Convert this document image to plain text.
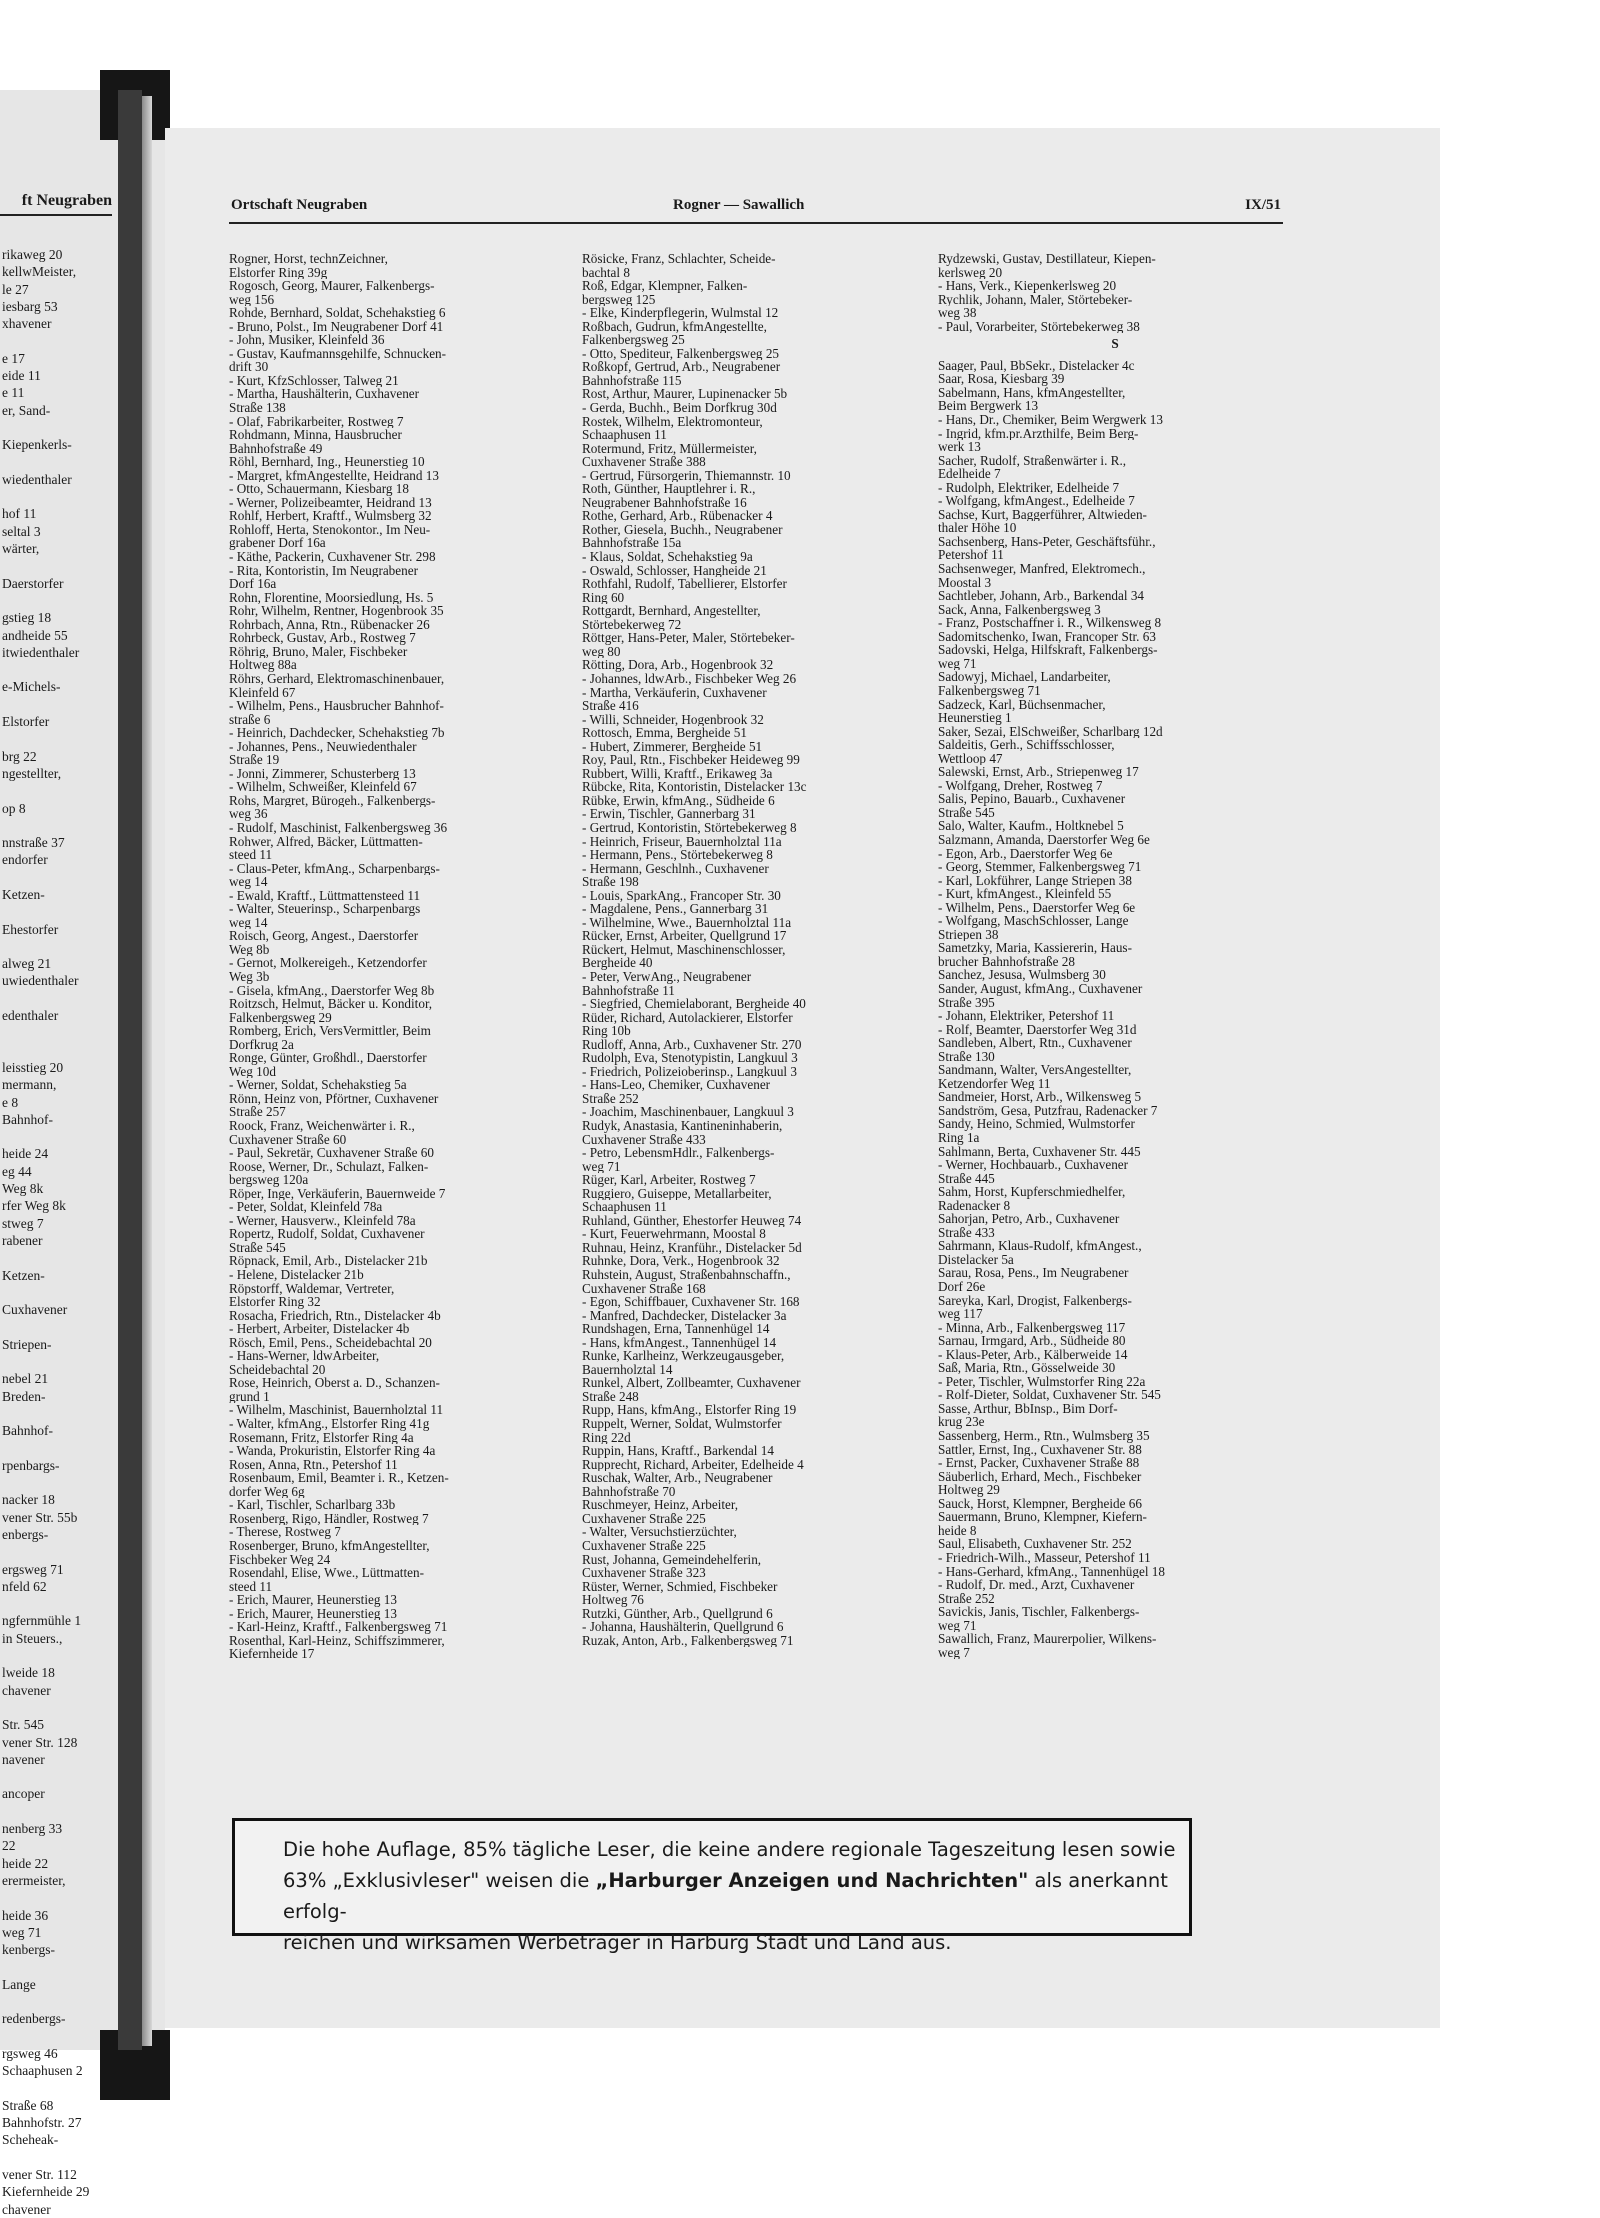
ft Neugraben
rikaweg 20
kellwMeister,
le 27
iesbarg 53
xhavener

e 17
eide 11
e 11
er, Sand-

Kiepenkerls-

wiedenthaler

hof 11
seltal 3
wärter,

Daerstorfer

gstieg 18
andheide 55
itwiedenthaler

e-Michels-

Elstorfer

brg 22
ngestellter,

op 8

nnstraße 37
endorfer

Ketzen-

Ehestorfer

alweg 21
uwiedenthaler

edenthaler

leisstieg 20
mermann,
e 8
Bahnhof-

heide 24
eg 44
Weg 8k
rfer Weg 8k
stweg 7
rabener

Ketzen-

Cuxhavener

Striepen-

nebel 21
Breden-

Bahnhof-

rpenbargs-

nacker 18
vener Str. 55b
enbergs-

ergsweg 71
nfeld 62

ngfernmühle 1
in Steuers.,

lweide 18
chavener

Str. 545
vener Str. 128
navener

ancoper

nenberg 33
22
heide 22
erermeister,

heide 36
weg 71
kenbergs-

Lange

redenbergs-

rgsweg 46
Schaaphusen 2

Straße 68
Bahnhofstr. 27
Scheheak-

vener Str. 112
Kiefernheide 29
chavener
Ortschaft Neugraben	Rogner — Sawallich	IX/51
Rogner, Horst, technZeichner,
Elstorfer Ring 39g
Rogosch, Georg, Maurer, Falkenbergs-
weg 156
Rohde, Bernhard, Soldat, Schehakstieg 6
- Bruno, Polst., Im Neugrabener Dorf 41
- John, Musiker, Kleinfeld 36
- Gustav, Kaufmannsgehilfe, Schnucken-
drift 30
- Kurt, KfzSchlosser, Talweg 21
- Martha, Haushälterin, Cuxhavener
Straße 138
- Olaf, Fabrikarbeiter, Rostweg 7
Rohdmann, Minna, Hausbrucher
Bahnhofstraße 49
Röhl, Bernhard, Ing., Heunerstieg 10
- Margret, kfmAngestellte, Heidrand 13
- Otto, Schauermann, Kiesbarg 18
- Werner, Polizeibeamter, Heidrand 13
Rohlf, Herbert, Kraftf., Wulmsberg 32
Rohloff, Herta, Stenokontor., Im Neu-
grabener Dorf 16a
- Käthe, Packerin, Cuxhavener Str. 298
- Rita, Kontoristin, Im Neugrabener
Dorf 16a
Rohn, Florentine, Moorsiedlung, Hs. 5
Rohr, Wilhelm, Rentner, Hogenbrook 35
Rohrbach, Anna, Rtn., Rübenacker 26
Rohrbeck, Gustav, Arb., Rostweg 7
Röhrig, Bruno, Maler, Fischbeker
Holtweg 88a
Röhrs, Gerhard, Elektromaschinenbauer,
Kleinfeld 67
- Wilhelm, Pens., Hausbrucher Bahnhof-
straße 6
- Heinrich, Dachdecker, Schehakstieg 7b
- Johannes, Pens., Neuwiedenthaler
Straße 19
- Jonni, Zimmerer, Schusterberg 13
- Wilhelm, Schweißer, Kleinfeld 67
Rohs, Margret, Bürogeh., Falkenbergs-
weg 36
- Rudolf, Maschinist, Falkenbergsweg 36
Rohwer, Alfred, Bäcker, Lüttmatten-
steed 11
- Claus-Peter, kfmAng., Scharpenbargs-
weg 14
- Ewald, Kraftf., Lüttmattensteed 11
- Walter, Steuerinsp., Scharpenbargs
weg 14
Roisch, Georg, Angest., Daerstorfer
Weg 8b
- Gernot, Molkereigeh., Ketzendorfer
Weg 3b
- Gisela, kfmAng., Daerstorfer Weg 8b
Roitzsch, Helmut, Bäcker u. Konditor,
Falkenbergsweg 29
Romberg, Erich, VersVermittler, Beim
Dorfkrug 2a
Ronge, Günter, Großhdl., Daerstorfer
Weg 10d
- Werner, Soldat, Schehakstieg 5a
Rönn, Heinz von, Pförtner, Cuxhavener
Straße 257
Roock, Franz, Weichenwärter i. R.,
Cuxhavener Straße 60
- Paul, Sekretär, Cuxhavener Straße 60
Roose, Werner, Dr., Schulazt, Falken-
bergsweg 120a
Röper, Inge, Verkäuferin, Bauernweide 7
- Peter, Soldat, Kleinfeld 78a
- Werner, Hausverw., Kleinfeld 78a
Ropertz, Rudolf, Soldat, Cuxhavener
Straße 545
Röpnack, Emil, Arb., Distelacker 21b
- Helene, Distelacker 21b
Röpstorff, Waldemar, Vertreter,
Elstorfer Ring 32
Rosacha, Friedrich, Rtn., Distelacker 4b
- Herbert, Arbeiter, Distelacker 4b
Rösch, Emil, Pens., Scheidebachtal 20
- Hans-Werner, ldwArbeiter,
Scheidebachtal 20
Rose, Heinrich, Oberst a. D., Schanzen-
grund 1
- Wilhelm, Maschinist, Bauernholztal 11
- Walter, kfmAng., Elstorfer Ring 41g
Rosemann, Fritz, Elstorfer Ring 4a
- Wanda, Prokuristin, Elstorfer Ring 4a
Rosen, Anna, Rtn., Petershof 11
Rosenbaum, Emil, Beamter i. R., Ketzen-
dorfer Weg 6g
- Karl, Tischler, Scharlbarg 33b
Rosenberg, Rigo, Händler, Rostweg 7
- Therese, Rostweg 7
Rosenberger, Bruno, kfmAngestellter,
Fischbeker Weg 24
Rosendahl, Elise, Wwe., Lüttmatten-
steed 11
- Erich, Maurer, Heunerstieg 13
- Erich, Maurer, Heunerstieg 13
- Karl-Heinz, Kraftf., Falkenbergsweg 71
Rosenthal, Karl-Heinz, Schiffszimmerer,
Kiefernheide 17
Rösicke, Franz, Schlachter, Scheide-
bachtal 8
Roß, Edgar, Klempner, Falken-
bergsweg 125
- Elke, Kinderpflegerin, Wulmstal 12
Roßbach, Gudrun, kfmAngestellte,
Falkenbergsweg 25
- Otto, Spediteur, Falkenbergsweg 25
Roßkopf, Gertrud, Arb., Neugrabener
Bahnhofstraße 115
Rost, Arthur, Maurer, Lupinenacker 5b
- Gerda, Buchh., Beim Dorfkrug 30d
Rostek, Wilhelm, Elektromonteur,
Schaaphusen 11
Rotermund, Fritz, Müllermeister,
Cuxhavener Straße 388
- Gertrud, Fürsorgerin, Thiemannstr. 10
Roth, Günther, Hauptlehrer i. R.,
Neugrabener Bahnhofstraße 16
Rothe, Gerhard, Arb., Rübenacker 4
Rother, Giesela, Buchh., Neugrabener
Bahnhofstraße 15a
- Klaus, Soldat, Schehakstieg 9a
- Oswald, Schlosser, Hangheide 21
Rothfahl, Rudolf, Tabellierer, Elstorfer
Ring 60
Rottgardt, Bernhard, Angestellter,
Störtebekerweg 72
Röttger, Hans-Peter, Maler, Störtebeker-
weg 80
Rötting, Dora, Arb., Hogenbrook 32
- Johannes, ldwArb., Fischbeker Weg 26
- Martha, Verkäuferin, Cuxhavener
Straße 416
- Willi, Schneider, Hogenbrook 32
Rottosch, Emma, Bergheide 51
- Hubert, Zimmerer, Bergheide 51
Roy, Paul, Rtn., Fischbeker Heideweg 99
Rubbert, Willi, Kraftf., Erikaweg 3a
Rübcke, Rita, Kontoristin, Distelacker 13c
Rübke, Erwin, kfmAng., Südheide 6
- Erwin, Tischler, Gannerbarg 31
- Gertrud, Kontoristin, Störtebekerweg 8
- Heinrich, Friseur, Bauernholztal 11a
- Hermann, Pens., Störtebekerweg 8
- Hermann, Geschlnh., Cuxhavener
Straße 198
- Louis, SparkAng., Francoper Str. 30
- Magdalene, Pens., Gannerbarg 31
- Wilhelmine, Wwe., Bauernholztal 11a
Rücker, Ernst, Arbeiter, Quellgrund 17
Rückert, Helmut, Maschinenschlosser,
Bergheide 40
- Peter, VerwAng., Neugrabener
Bahnhofstraße 11
- Siegfried, Chemielaborant, Bergheide 40
Rüder, Richard, Autolackierer, Elstorfer
Ring 10b
Rudloff, Anna, Arb., Cuxhavener Str. 270
Rudolph, Eva, Stenotypistin, Langkuul 3
- Friedrich, Polizeioberinsp., Langkuul 3
- Hans-Leo, Chemiker, Cuxhavener
Straße 252
- Joachim, Maschinenbauer, Langkuul 3
Rudyk, Anastasia, Kantineninhaberin,
Cuxhavener Straße 433
- Petro, LebensmHdlr., Falkenbergs-
weg 71
Rüger, Karl, Arbeiter, Rostweg 7
Ruggiero, Guiseppe, Metallarbeiter,
Schaaphusen 11
Ruhland, Günther, Ehestorfer Heuweg 74
- Kurt, Feuerwehrmann, Moostal 8
Ruhnau, Heinz, Kranführ., Distelacker 5d
Ruhnke, Dora, Verk., Hogenbrook 32
Ruhstein, August, Straßenbahnschaffn.,
Cuxhavener Straße 168
- Egon, Schiffbauer, Cuxhavener Str. 168
- Manfred, Dachdecker, Distelacker 3a
Rundshagen, Erna, Tannenhügel 14
- Hans, kfmAngest., Tannenhügel 14
Runke, Karlheinz, Werkzeugausgeber,
Bauernholztal 14
Runkel, Albert, Zollbeamter, Cuxhavener
Straße 248
Rupp, Hans, kfmAng., Elstorfer Ring 19
Ruppelt, Werner, Soldat, Wulmstorfer
Ring 22d
Ruppin, Hans, Kraftf., Barkendal 14
Rupprecht, Richard, Arbeiter, Edelheide 4
Ruschak, Walter, Arb., Neugrabener
Bahnhofstraße 70
Ruschmeyer, Heinz, Arbeiter,
Cuxhavener Straße 225
- Walter, Versuchstierzüchter,
Cuxhavener Straße 225
Rust, Johanna, Gemeindehelferin,
Cuxhavener Straße 323
Rüster, Werner, Schmied, Fischbeker
Holtweg 76
Rutzki, Günther, Arb., Quellgrund 6
- Johanna, Haushälterin, Quellgrund 6
Ruzak, Anton, Arb., Falkenbergsweg 71
Rydzewski, Gustav, Destillateur, Kiepen-
kerlsweg 20
- Hans, Verk., Kiepenkerlsweg 20
Rychlik, Johann, Maler, Störtebeker-
weg 38
- Paul, Vorarbeiter, Störtebekerweg 38
S
Saager, Paul, BbSekr., Distelacker 4c
Saar, Rosa, Kiesbarg 39
Sabelmann, Hans, kfmAngestellter,
Beim Bergwerk 13
- Hans, Dr., Chemiker, Beim Wergwerk 13
- Ingrid, kfm.pr.Arzthilfe, Beim Berg-
werk 13
Sacher, Rudolf, Straßenwärter i. R.,
Edelheide 7
- Rudolph, Elektriker, Edelheide 7
- Wolfgang, kfmAngest., Edelheide 7
Sachse, Kurt, Baggerführer, Altwieden-
thaler Höhe 10
Sachsenberg, Hans-Peter, Geschäftsführ.,
Petershof 11
Sachsenweger, Manfred, Elektromech.,
Moostal 3
Sachtleber, Johann, Arb., Barkendal 34
Sack, Anna, Falkenbergsweg 3
- Franz, Postschaffner i. R., Wilkensweg 8
Sadomitschenko, Iwan, Francoper Str. 63
Sadovski, Helga, Hilfskraft, Falkenbergs-
weg 71
Sadowyj, Michael, Landarbeiter,
Falkenbergsweg 71
Sadzeck, Karl, Büchsenmacher,
Heunerstieg 1
Saker, Sezai, ElSchweißer, Scharlbarg 12d
Saldeitis, Gerh., Schiffsschlosser,
Wettloop 47
Salewski, Ernst, Arb., Striepenweg 17
- Wolfgang, Dreher, Rostweg 7
Salis, Pepino, Bauarb., Cuxhavener
Straße 545
Salo, Walter, Kaufm., Holtknebel 5
Salzmann, Amanda, Daerstorfer Weg 6e
- Egon, Arb., Daerstorfer Weg 6e
- Georg, Stemmer, Falkenbergsweg 71
- Karl, Lokführer, Lange Striepen 38
- Kurt, kfmAngest., Kleinfeld 55
- Wilhelm, Pens., Daerstorfer Weg 6e
- Wolfgang, MaschSchlosser, Lange
Striepen 38
Sametzky, Maria, Kassiererin, Haus-
brucher Bahnhofstraße 28
Sanchez, Jesusa, Wulmsberg 30
Sander, August, kfmAng., Cuxhavener
Straße 395
- Johann, Elektriker, Petershof 11
- Rolf, Beamter, Daerstorfer Weg 31d
Sandleben, Albert, Rtn., Cuxhavener
Straße 130
Sandmann, Walter, VersAngestellter,
Ketzendorfer Weg 11
Sandmeier, Horst, Arb., Wilkensweg 5
Sandström, Gesa, Putzfrau, Radenacker 7
Sandy, Heino, Schmied, Wulmstorfer
Ring 1a
Sahlmann, Berta, Cuxhavener Str. 445
- Werner, Hochbauarb., Cuxhavener
Straße 445
Sahm, Horst, Kupferschmiedhelfer,
Radenacker 8
Sahorjan, Petro, Arb., Cuxhavener
Straße 433
Sahrmann, Klaus-Rudolf, kfmAngest.,
Distelacker 5a
Sarau, Rosa, Pens., Im Neugrabener
Dorf 26e
Sareyka, Karl, Drogist, Falkenbergs-
weg 117
- Minna, Arb., Falkenbergsweg 117
Sarnau, Irmgard, Arb., Südheide 80
- Klaus-Peter, Arb., Kälberweide 14
Saß, Maria, Rtn., Gösselweide 30
- Peter, Tischler, Wulmstorfer Ring 22a
- Rolf-Dieter, Soldat, Cuxhavener Str. 545
Sasse, Arthur, BbInsp., Bim Dorf-
krug 23e
Sassenberg, Herm., Rtn., Wulmsberg 35
Sattler, Ernst, Ing., Cuxhavener Str. 88
- Ernst, Packer, Cuxhavener Straße 88
Säuberlich, Erhard, Mech., Fischbeker
Holtweg 29
Sauck, Horst, Klempner, Bergheide 66
Sauermann, Bruno, Klempner, Kiefern-
heide 8
Saul, Elisabeth, Cuxhavener Str. 252
- Friedrich-Wilh., Masseur, Petershof 11
- Hans-Gerhard, kfmAng., Tannenhügel 18
- Rudolf, Dr. med., Arzt, Cuxhavener
Straße 252
Savickis, Janis, Tischler, Falkenbergs-
weg 71
Sawallich, Franz, Maurerpolier, Wilkens-
weg 7
Die hohe Auflage, 85% tägliche Leser, die keine andere regionale Tageszeitung lesen sowie
63% „Exklusivleser" weisen die „Harburger Anzeigen und Nachrichten" als anerkannt erfolg-
reichen und wirksamen Werbeträger in Harburg Stadt und Land aus.
